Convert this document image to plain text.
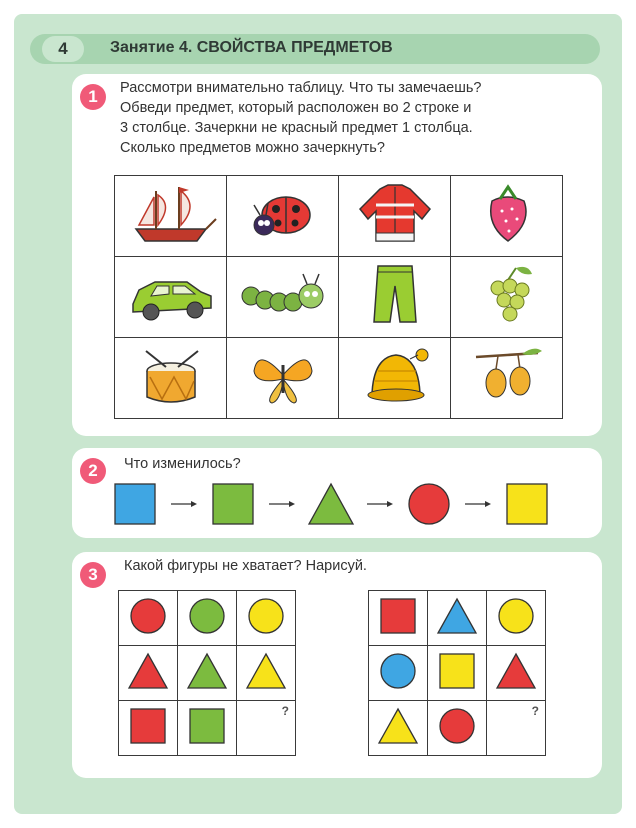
4	Занятие 4. СВОЙСТВА ПРЕДМЕТОВ
1	Рассмотри внимательно таблицу. Что ты замечаешь?
Обведи предмет, который расположен во 2 строке и
3 столбце. Зачеркни не красный предмет 1 столбца.
Сколько предметов можно зачеркнуть?

2	Что изменилось?
3	Какой фигуры не хватает? Нарисуй.

?

			?
